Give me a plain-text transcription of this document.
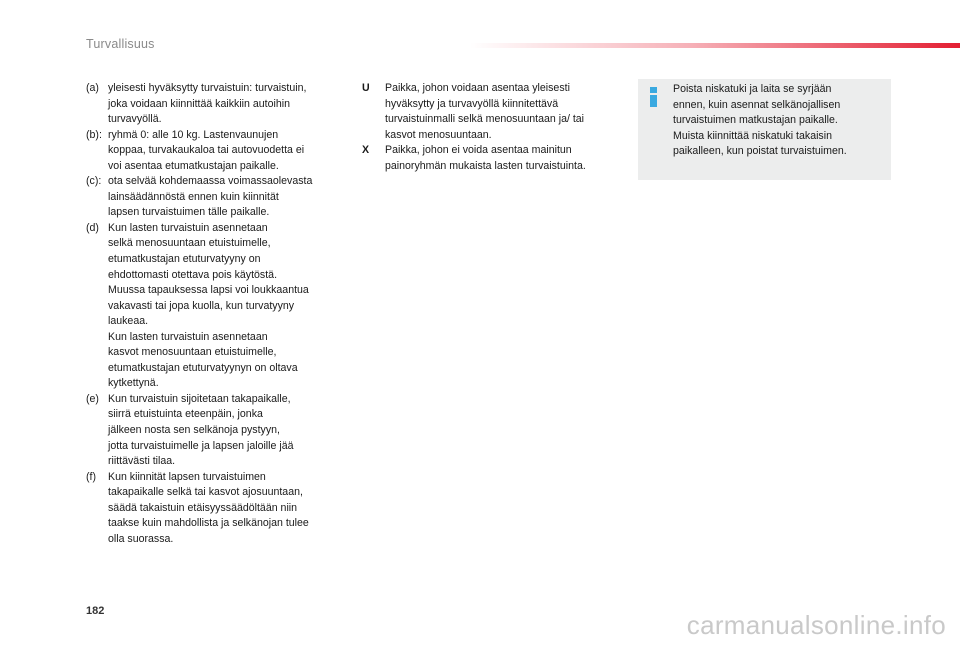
Turvallisuus
(a) yleisesti hyväksytty turvaistuin: turvaistuin,
joka voidaan kiinnittää kaikkiin autoihin
turvavyöllä.
(b): ryhmä 0: alle 10 kg. Lastenvaunujen
koppaa, turvakaukaloa tai autovuodetta ei
voi asentaa etumatkustajan paikalle.
(c): ota selvää kohdemaassa voimassaolevasta
lainsäädännöstä ennen kuin kiinnität
lapsen turvaistuimen tälle paikalle.
(d) Kun lasten turvaistuin asennetaan
selkä menosuuntaan etuistuimelle,
etumatkustajan etuturvatyyny on
ehdottomasti otettava pois käytöstä.
Muussa tapauksessa lapsi voi loukkaantua
vakavasti tai jopa kuolla, kun turvatyyny
laukeaa.
Kun lasten turvaistuin asennetaan
kasvot menosuuntaan etuistuimelle,
etumatkustajan etuturvatyynyn on oltava
kytkettynä.
(e) Kun turvaistuin sijoitetaan takapaikalle,
siirrä etuistuinta eteenpäin, jonka
jälkeen nosta sen selkänoja pystyyn,
jotta turvaistuimelle ja lapsen jaloille jää
riittävästi tilaa.
(f) Kun kiinnität lapsen turvaistuimen
takapaikalle selkä tai kasvot ajosuuntaan,
säädä takaistuin etäisyyssäädöltään niin
taakse kuin mahdollista ja selkänojan tulee
olla suorassa.
U Paikka, johon voidaan asentaa yleisesti
hyväksytty ja turvavyöllä kiinnitettävä
turvaistuinmalli selkä menosuuntaan ja/ tai
kasvot menosuuntaan.
X Paikka, johon ei voida asentaa mainitun
painoryhmän mukaista lasten turvaistuinta.
Poista niskatuki ja laita se syrjään
ennen, kuin asennat selkänojallisen
turvaistuimen matkustajan paikalle.
Muista kiinnittää niskatuki takaisin
paikalleen, kun poistat turvaistuimen.
182	carmanualsonline.info
